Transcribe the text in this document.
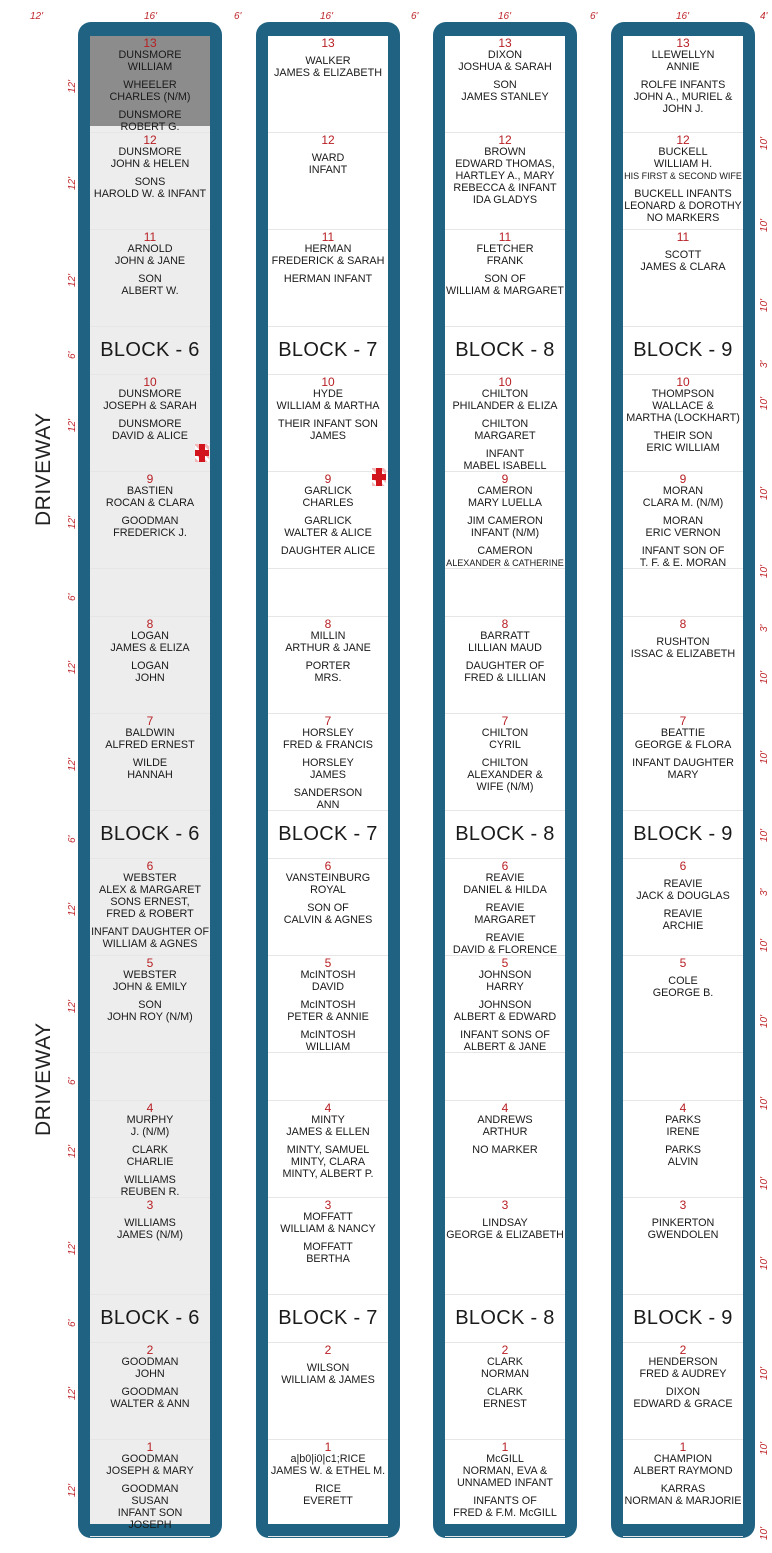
12'	16'	6'	16'	6'	16'	6'	16'	4'
12'
12'
12'
6'
12'
12'
6'
12'
12'
6'
12'
12'
6'
12'
12'
6'
12'
12'
10'
10'
10'
3'
10'
10'
10'
3'
10'
10'
10'
3'
10'
10'
10'
10'
10'
10'
10'
10'
DRIVEWAY
DRIVEWAY
13
DUNSMORE
WILLIAM
WHEELER
CHARLES (N/M)
DUNSMORE
ROBERT G.
12
DUNSMORE
JOHN & HELEN
SONS
HAROLD W. & INFANT
11
ARNOLD
JOHN & JANE
SON
ALBERT W.
BLOCK - 6
10
DUNSMORE
JOSEPH & SARAH
DUNSMORE
DAVID & ALICE
9
BASTIEN
ROCAN & CLARA
GOODMAN
FREDERICK J.
8
LOGAN
JAMES & ELIZA
LOGAN
JOHN
7
BALDWIN
ALFRED ERNEST
WILDE
HANNAH
BLOCK - 6
6
WEBSTER
ALEX & MARGARET
SONS ERNEST,
FRED & ROBERT
INFANT DAUGHTER OF
WILLIAM & AGNES
5
WEBSTER
JOHN & EMILY
SON
JOHN ROY (N/M)
4
MURPHY
J. (N/M)
CLARK
CHARLIE
WILLIAMS
REUBEN R.
3
WILLIAMS
JAMES (N/M)
BLOCK - 6
2
GOODMAN
JOHN
GOODMAN
WALTER & ANN
1
GOODMAN
JOSEPH & MARY
GOODMAN
SUSAN
INFANT SON
JOSEPH
13
WALKER
JAMES & ELIZABETH
12
WARD
INFANT
11
HERMAN
FREDERICK & SARAH
HERMAN INFANT
BLOCK - 7
10
HYDE
WILLIAM & MARTHA
THEIR INFANT SON
JAMES
9
GARLICK
CHARLES
GARLICK
WALTER & ALICE
DAUGHTER ALICE
8
MILLIN
ARTHUR & JANE
PORTER
MRS.
7
HORSLEY
FRED & FRANCIS
HORSLEY
JAMES
SANDERSON
ANN
BLOCK - 7
6
VANSTEINBURG
ROYAL
SON OF
CALVIN & AGNES
5
McINTOSH
DAVID
McINTOSH
PETER & ANNIE
McINTOSH
WILLIAM
4
MINTY
JAMES & ELLEN
MINTY, SAMUEL
MINTY, CLARA
MINTY, ALBERT P.
3
MOFFATT
WILLIAM & NANCY
MOFFATT
BERTHA
BLOCK - 7
2
WILSON
WILLIAM & JAMES
1
a|b0|i0|c1;RICE
JAMES W. & ETHEL M.
RICE
EVERETT
13
DIXON
JOSHUA & SARAH
SON
JAMES STANLEY
12
BROWN
EDWARD THOMAS,
HARTLEY A., MARY
REBECCA & INFANT
IDA GLADYS
11
FLETCHER
FRANK
SON OF
WILLIAM & MARGARET
BLOCK - 8
10
CHILTON
PHILANDER & ELIZA
CHILTON
MARGARET
INFANT
MABEL ISABELL
9
CAMERON
MARY LUELLA
JIM CAMERON
INFANT (N/M)
CAMERON
ALEXANDER & CATHERINE
8
BARRATT
LILLIAN MAUD
DAUGHTER OF
FRED & LILLIAN
7
CHILTON
CYRIL
CHILTON
ALEXANDER &
WIFE (N/M)
BLOCK - 8
6
REAVIE
DANIEL & HILDA
REAVIE
MARGARET
REAVIE
DAVID & FLORENCE
5
JOHNSON
HARRY
JOHNSON
ALBERT & EDWARD
INFANT SONS OF
ALBERT & JANE
4
ANDREWS
ARTHUR
NO MARKER
3
LINDSAY
GEORGE & ELIZABETH
BLOCK - 8
2
CLARK
NORMAN
CLARK
ERNEST
1
McGILL
NORMAN, EVA &
UNNAMED INFANT
INFANTS OF
FRED & F.M. McGILL
13
LLEWELLYN
ANNIE
ROLFE INFANTS
JOHN A., MURIEL &
JOHN J.
12
BUCKELL
WILLIAM H.
HIS FIRST & SECOND WIFE
BUCKELL INFANTS
LEONARD & DOROTHY
NO MARKERS
11
SCOTT
JAMES & CLARA
BLOCK - 9
10
THOMPSON
WALLACE &
MARTHA (LOCKHART)
THEIR SON
ERIC WILLIAM
9
MORAN
CLARA M. (N/M)
MORAN
ERIC VERNON
INFANT SON OF
T. F. & E. MORAN
8
RUSHTON
ISSAC & ELIZABETH
7
BEATTIE
GEORGE & FLORA
INFANT DAUGHTER
MARY
BLOCK - 9
6
REAVIE
JACK & DOUGLAS
REAVIE
ARCHIE
5
COLE
GEORGE B.
4
PARKS
IRENE
PARKS
ALVIN
3
PINKERTON
GWENDOLEN
BLOCK - 9
2
HENDERSON
FRED & AUDREY
DIXON
EDWARD & GRACE
1
CHAMPION
ALBERT RAYMOND
KARRAS
NORMAN & MARJORIE
